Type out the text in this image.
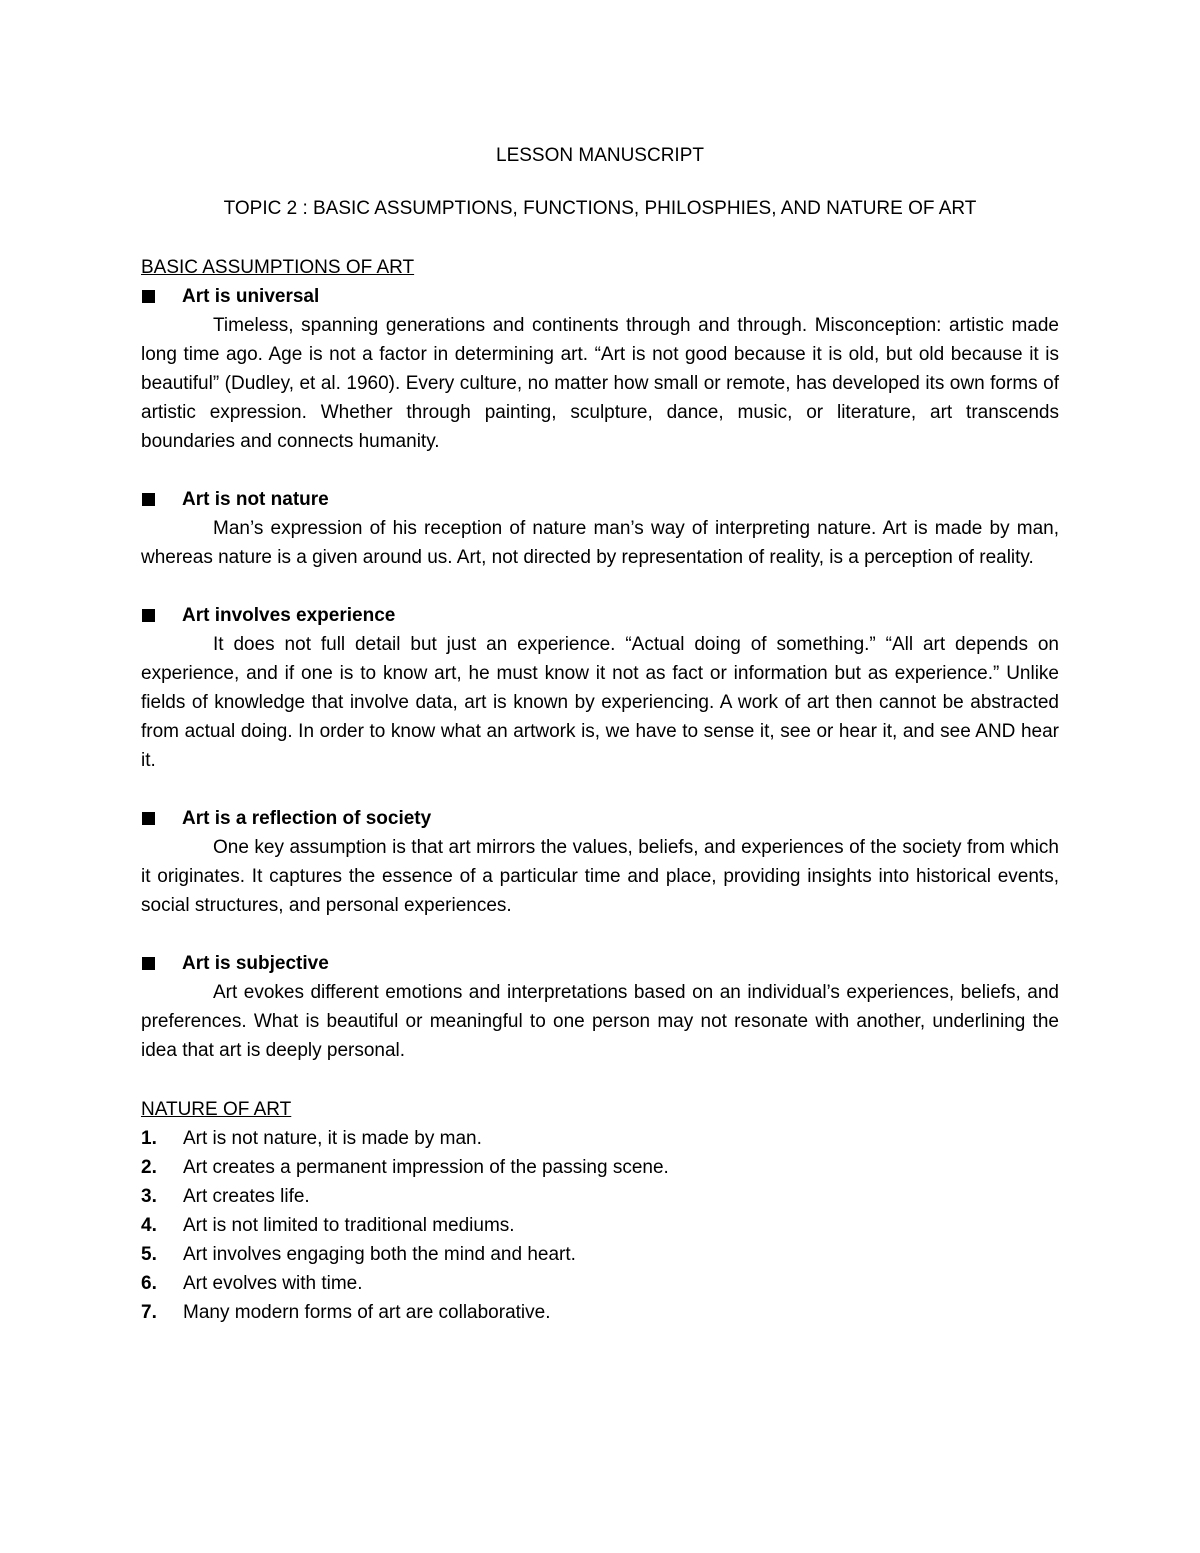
LESSON MANUSCRIPT
TOPIC 2 : BASIC ASSUMPTIONS, FUNCTIONS, PHILOSPHIES, AND NATURE OF ART
BASIC ASSUMPTIONS OF ART
Art is universal

Timeless, spanning generations and continents through and through. Misconception: artistic made long time ago. Age is not a factor in determining art. “Art is not good because it is old, but old because it is beautiful” (Dudley, et al. 1960). Every culture, no matter how small or remote, has developed its own forms of artistic expression. Whether through painting, sculpture, dance, music, or literature, art transcends boundaries and connects humanity.

Art is not nature

Man’s expression of his reception of nature man’s way of interpreting nature. Art is made by man, whereas nature is a given around us. Art, not directed by representation of reality, is a perception of reality.

Art involves experience

It does not full detail but just an experience. “Actual doing of something.” “All art depends on experience, and if one is to know art, he must know it not as fact or information but as experience.” Unlike fields of knowledge that involve data, art is known by experiencing. A work of art then cannot be abstracted from actual doing. In order to know what an artwork is, we have to sense it, see or hear it, and see AND hear it.

Art is a reflection of society

One key assumption is that art mirrors the values, beliefs, and experiences of the society from which it originates. It captures the essence of a particular time and place, providing insights into historical events, social structures, and personal experiences.

Art is subjective

Art evokes different emotions and interpretations based on an individual’s experiences, beliefs, and preferences. What is beautiful or meaningful to one person may not resonate with another, underlining the idea that art is deeply personal.

NATURE OF ART
1.	Art is not nature, it is made by man.
2.	Art creates a permanent impression of the passing scene.
3.	Art creates life.
4.	Art is not limited to traditional mediums.
5.	Art involves engaging both the mind and heart.
6.	Art evolves with time.
7.	Many modern forms of art are collaborative.
